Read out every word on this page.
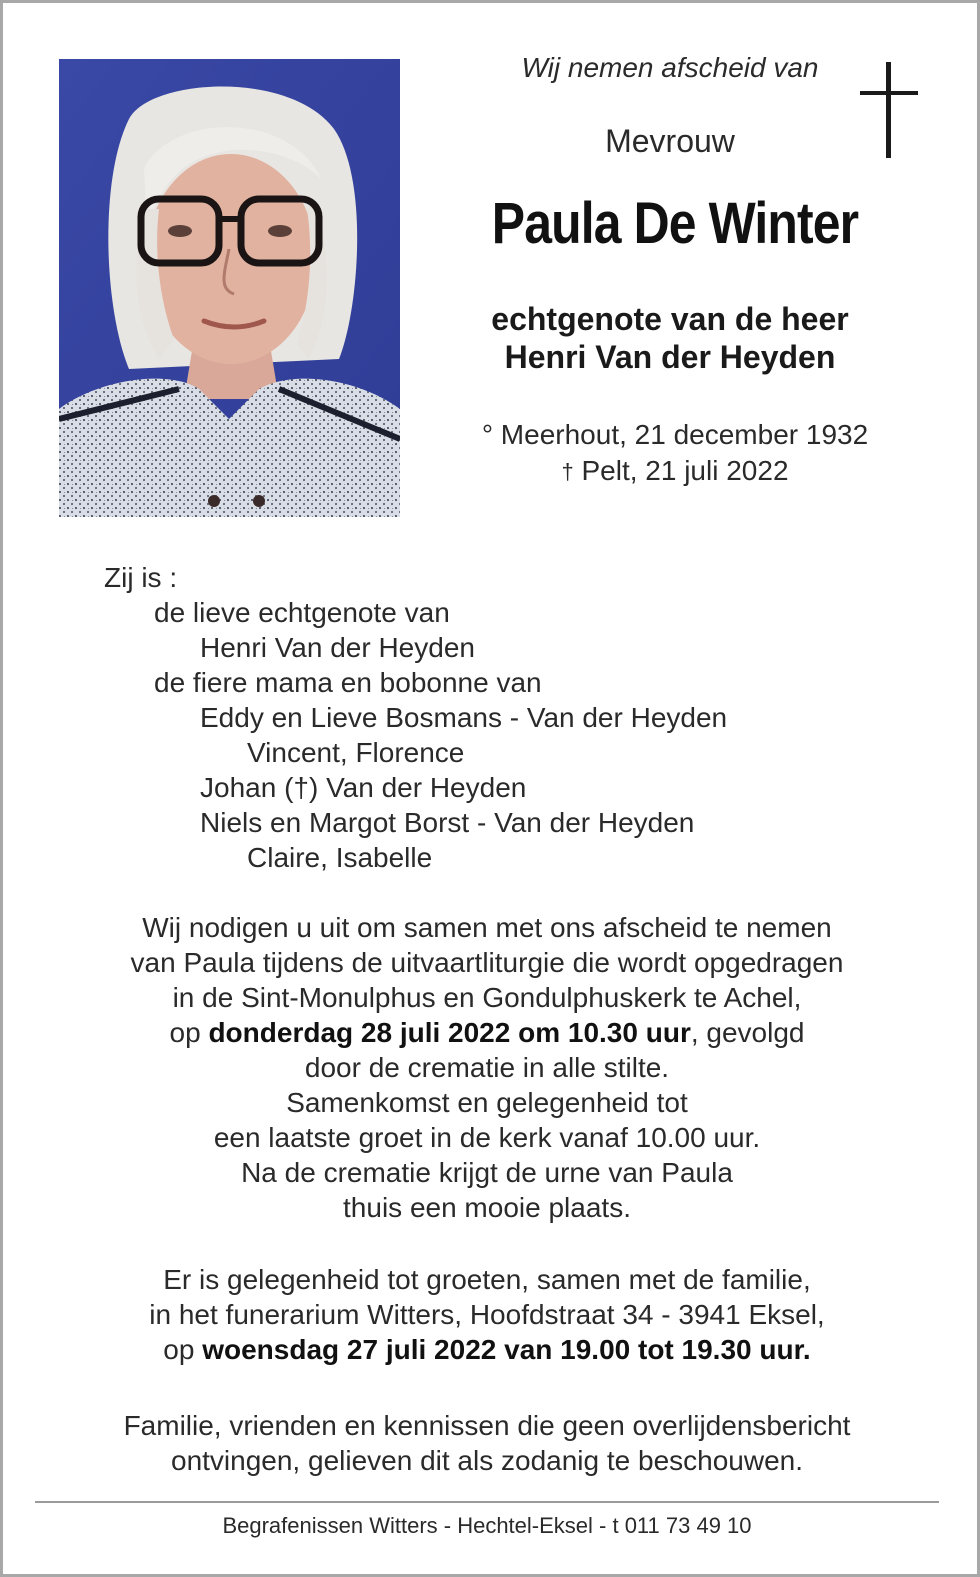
Wij nemen afscheid van
Mevrouw
Paula De Winter
echtgenote van de heer
Henri Van der Heyden
° Meerhout, 21 december 1932
† Pelt, 21 juli 2022
Zij is :
de lieve echtgenote van
Henri Van der Heyden
de fiere mama en bobonne van
Eddy en Lieve Bosmans - Van der Heyden
Vincent, Florence
Johan (†) Van der Heyden
Niels en Margot Borst - Van der Heyden
Claire, Isabelle
Wij nodigen u uit om samen met ons afscheid te nemen
van Paula tijdens de uitvaartliturgie die wordt opgedragen
in de Sint-Monulphus en Gondulphuskerk te Achel,
op donderdag 28 juli 2022 om 10.30 uur, gevolgd
door de crematie in alle stilte.
Samenkomst en gelegenheid tot
een laatste groet in de kerk vanaf 10.00 uur.
Na de crematie krijgt de urne van Paula
thuis een mooie plaats.
Er is gelegenheid tot groeten, samen met de familie,
in het funerarium Witters, Hoofdstraat 34 - 3941 Eksel,
op woensdag 27 juli 2022 van 19.00 tot 19.30 uur.
Familie, vrienden en kennissen die geen overlijdensbericht
ontvingen, gelieven dit als zodanig te beschouwen.
Begrafenissen Witters - Hechtel-Eksel - t 011 73 49 10
